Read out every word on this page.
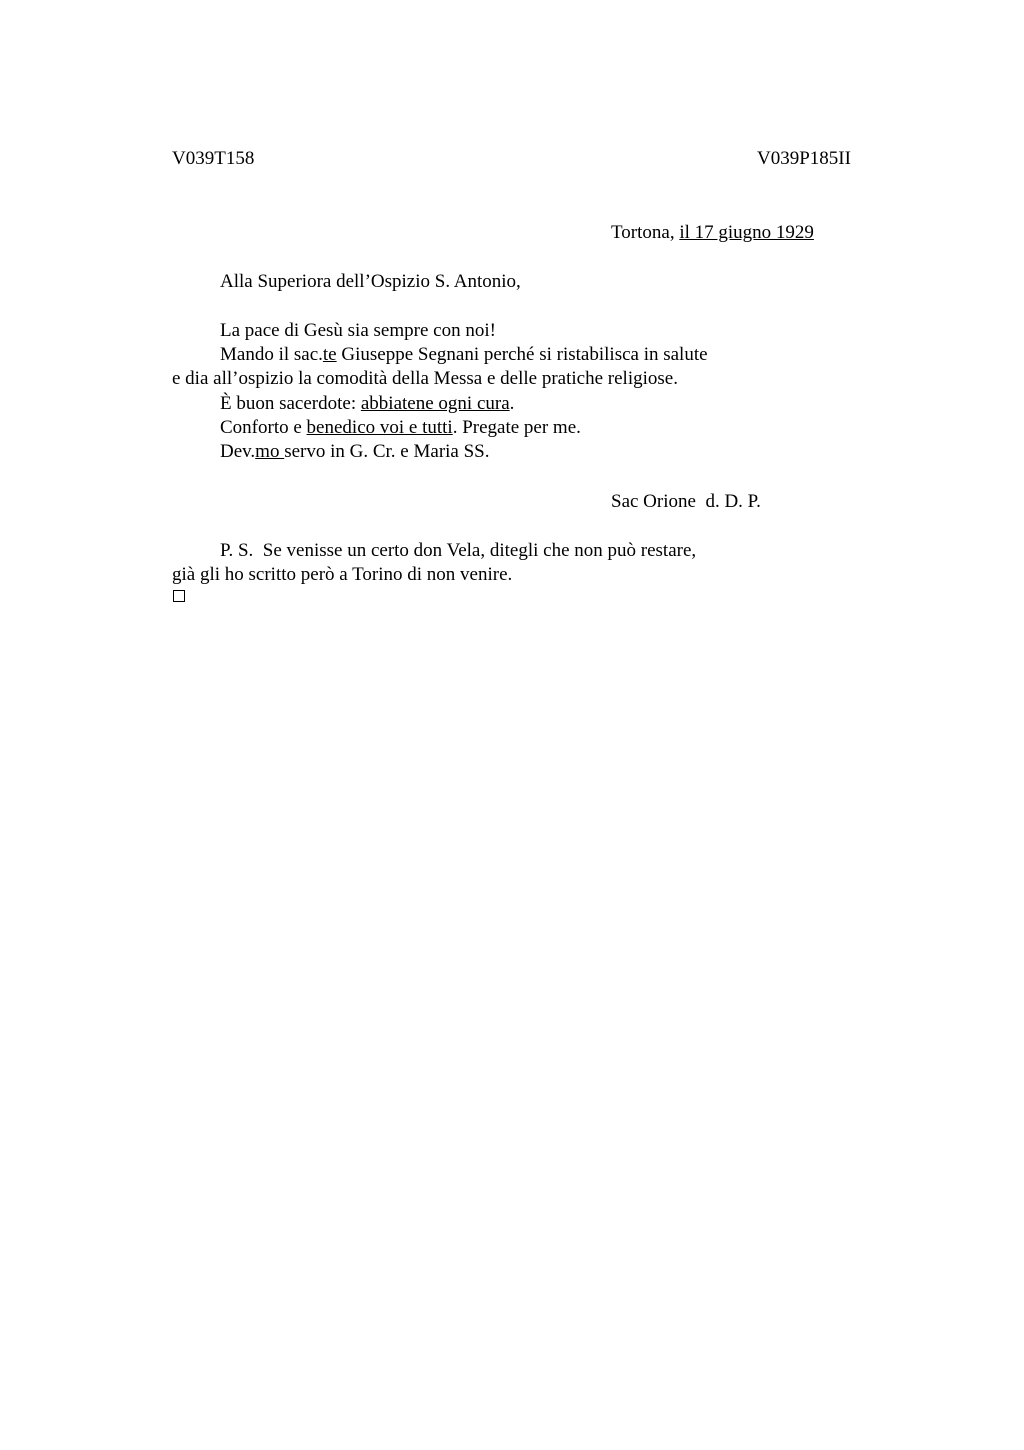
V039T158	V039P185II
Tortona, il 17 giugno 1929
Alla Superiora dell’Ospizio S. Antonio,
La pace di Gesù sia sempre con noi!
Mando il sac.te Giuseppe Segnani perché si ristabilisca in salute
e dia all’ospizio la comodità della Messa e delle pratiche religiose.
È buon sacerdote: abbiatene ogni cura.
Conforto e benedico voi e tutti. Pregate per me.
Dev.mo servo in G. Cr. e Maria SS.
Sac Orione  d. D. P.
P. S.  Se venisse un certo don Vela, ditegli che non può restare,
già gli ho scritto però a Torino di non venire.
